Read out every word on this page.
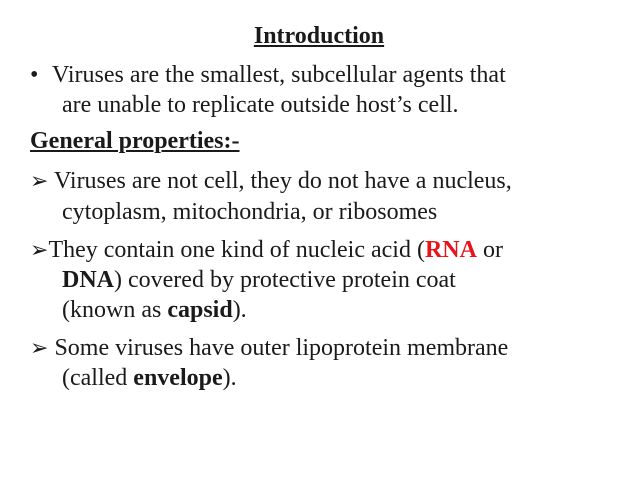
Introduction
• Viruses are the smallest, subcellular agents that
are unable to replicate outside host’s cell.
General properties:-
➢ Viruses are not cell, they do not have a nucleus,
cytoplasm, mitochondria, or ribosomes
➢They contain one kind of nucleic acid (RNA or
DNA) covered by protective protein coat
(known as capsid).
➢ Some viruses have outer lipoprotein membrane
(called envelope).
